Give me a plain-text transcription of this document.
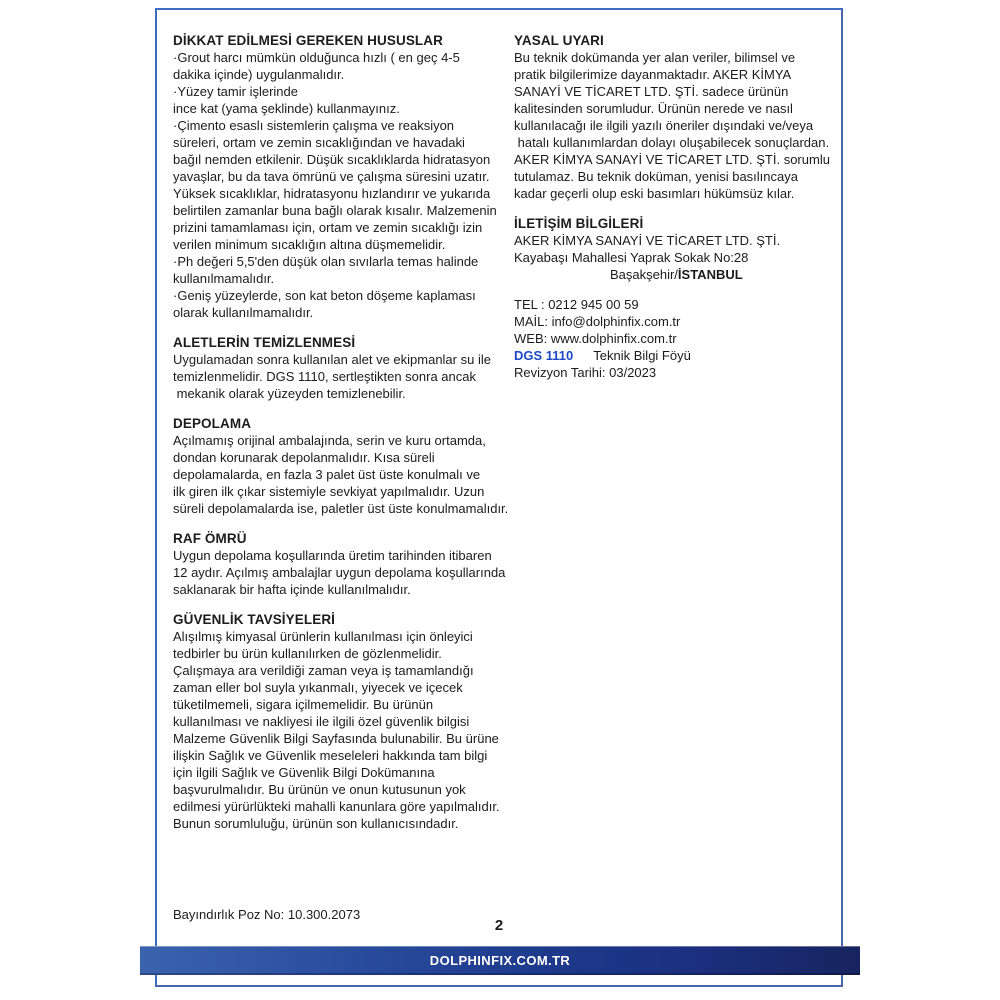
DİKKAT EDİLMESİ GEREKEN HUSUSLAR
·Grout harcı mümkün olduğunca hızlı ( en geç 4-5
dakika içinde) uygulanmalıdır.
·Yüzey tamir işlerinde
ince kat (yama şeklinde) kullanmayınız.
·Çimento esaslı sistemlerin çalışma ve reaksiyon
süreleri, ortam ve zemin sıcaklığından ve havadaki
bağıl nemden etkilenir. Düşük sıcaklıklarda hidratasyon
yavaşlar, bu da tava ömrünü ve çalışma süresini uzatır.
Yüksek sıcaklıklar, hidratasyonu hızlandırır ve yukarıda
belirtilen zamanlar buna bağlı olarak kısalır. Malzemenin
prizini tamamlaması için, ortam ve zemin sıcaklığı izin
verilen minimum sıcaklığın altına düşmemelidir.
·Ph değeri 5,5'den düşük olan sıvılarla temas halinde
kullanılmamalıdır.
·Geniş yüzeylerde, son kat beton döşeme kaplaması
olarak kullanılmamalıdır.
ALETLERİN TEMİZLENMESİ
Uygulamadan sonra kullanılan alet ve ekipmanlar su ile
temizlenmelidir. DGS 1110, sertleştikten sonra ancak
mekanik olarak yüzeyden temizlenebilir.
DEPOLAMA
Açılmamış orijinal ambalajında, serin ve kuru ortamda,
dondan korunarak depolanmalıdır. Kısa süreli
depolamalarda, en fazla 3 palet üst üste konulmalı ve
ilk giren ilk çıkar sistemiyle sevkiyat yapılmalıdır. Uzun
süreli depolamalarda ise, paletler üst üste konulmamalıdır.
RAF ÖMRÜ
Uygun depolama koşullarında üretim tarihinden itibaren
12 aydır. Açılmış ambalajlar uygun depolama koşullarında
saklanarak bir hafta içinde kullanılmalıdır.
GÜVENLİK TAVSİYELERİ
Alışılmış kimyasal ürünlerin kullanılması için önleyici
tedbirler bu ürün kullanılırken de gözlenmelidir.
Çalışmaya ara verildiği zaman veya iş tamamlandığı
zaman eller bol suyla yıkanmalı, yiyecek ve içecek
tüketilmemeli, sigara içilmemelidir. Bu ürünün
kullanılması ve nakliyesi ile ilgili özel güvenlik bilgisi
Malzeme Güvenlik Bilgi Sayfasında bulunabilir. Bu ürüne
ilişkin Sağlık ve Güvenlik meseleleri hakkında tam bilgi
için ilgili Sağlık ve Güvenlik Bilgi Dokümanına
başvurulmalıdır. Bu ürünün ve onun kutusunun yok
edilmesi yürürlükteki mahalli kanunlara göre yapılmalıdır.
Bunun sorumluluğu, ürünün son kullanıcısındadır.
YASAL UYARI
Bu teknik dokümanda yer alan veriler, bilimsel ve
pratik bilgilerimize dayanmaktadır. AKER KİMYA
SANAYİ VE TİCARET LTD. ŞTİ. sadece ürünün
kalitesinden sorumludur. Ürünün nerede ve nasıl
kullanılacağı ile ilgili yazılı öneriler dışındaki ve/veya
hatalı kullanımlardan dolayı oluşabilecek sonuçlardan.
AKER KİMYA SANAYİ VE TİCARET LTD. ŞTİ. sorumlu
tutulamaz. Bu teknik doküman, yenisi basılıncaya
kadar geçerli olup eski basımları hükümsüz kılar.
İLETİŞİM BİLGİLERİ
AKER KİMYA SANAYİ VE TİCARET LTD. ŞTİ.
Kayabaşı Mahallesi Yaprak Sokak No:28
Başakşehir/İSTANBUL
TEL : 0212 945 00 59
MAİL: info@dolphinfix.com.tr
WEB: www.dolphinfix.com.tr
DGS 1110 Teknik Bilgi Föyü
Revizyon Tarihi: 03/2023
Bayındırlık Poz No: 10.300.2073
2
DOLPHINFIX.COM.TR
